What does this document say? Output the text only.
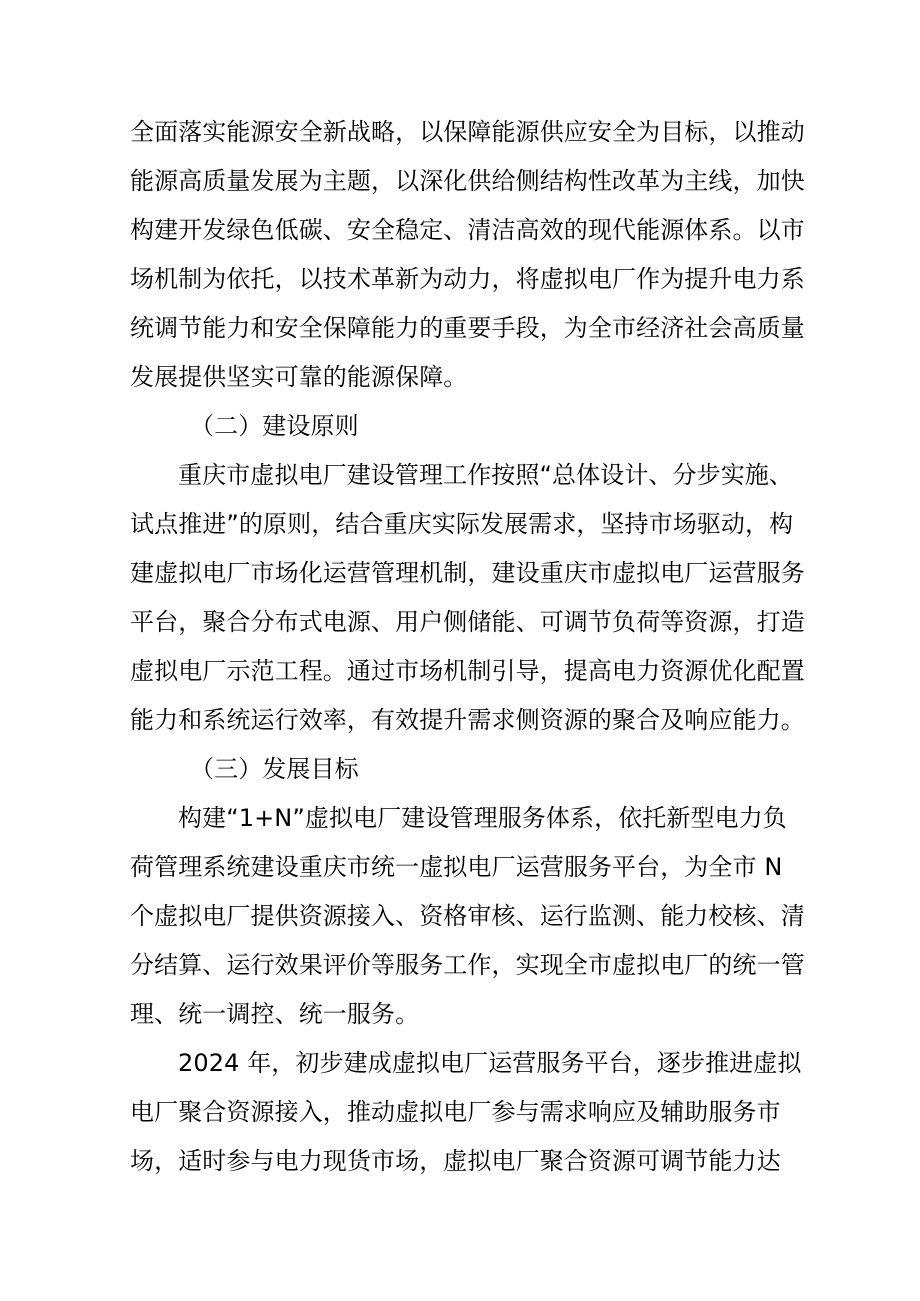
全面落实能源安全新战略，以保障能源供应安全为目标，以推动
能源高质量发展为主题，以深化供给侧结构性改革为主线，加快
构建开发绿色低碳、安全稳定、清洁高效的现代能源体系。以市
场机制为依托，以技术革新为动力，将虚拟电厂作为提升电力系
统调节能力和安全保障能力的重要手段，为全市经济社会高质量
发展提供坚实可靠的能源保障。
（二）建设原则
重庆市虚拟电厂建设管理工作按照“总体设计、分步实施、
试点推进”的原则，结合重庆实际发展需求，坚持市场驱动，构
建虚拟电厂市场化运营管理机制，建设重庆市虚拟电厂运营服务
平台，聚合分布式电源、用户侧储能、可调节负荷等资源，打造
虚拟电厂示范工程。通过市场机制引导，提高电力资源优化配置
能力和系统运行效率，有效提升需求侧资源的聚合及响应能力。
（三）发展目标
构建“1+N”虚拟电厂建设管理服务体系，依托新型电力负
荷管理系统建设重庆市统一虚拟电厂运营服务平台，为全市 N
个虚拟电厂提供资源接入、资格审核、运行监测、能力校核、清
分结算、运行效果评价等服务工作，实现全市虚拟电厂的统一管
理、统一调控、统一服务。
2024 年，初步建成虚拟电厂运营服务平台，逐步推进虚拟
电厂聚合资源接入，推动虚拟电厂参与需求响应及辅助服务市
场，适时参与电力现货市场，虚拟电厂聚合资源可调节能力达
